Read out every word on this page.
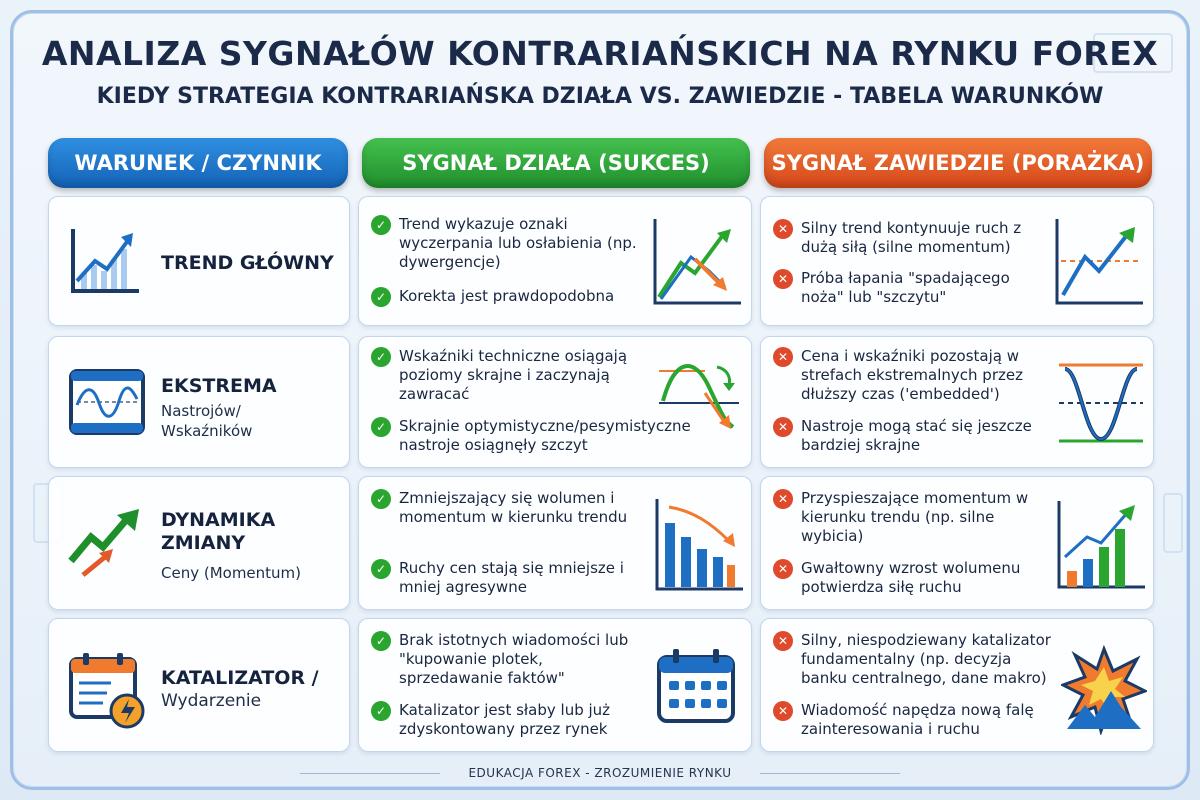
ANALIZA SYGNAŁÓW KONTRARIAŃSKICH NA RYNKU FOREX
KIEDY STRATEGIA KONTRARIAŃSKA DZIAŁA VS. ZAWIEDZIE - TABELA WARUNKÓW
WARUNEK / CZYNNIK	SYGNAŁ DZIAŁA (SUKCES)	SYGNAŁ ZAWIEDZIE (PORAŻKA)
TREND GŁÓWNY
✓ Trend wykazuje oznaki wyczerpania lub osłabienia (np. dywergencje)
✓ Korekta jest prawdopodobna
✕ Silny trend kontynuuje ruch z dużą siłą (silne momentum)
✕ Próba łapania "spadającego noża" lub "szczytu"
EKSTREMA
Nastrojów/ Wskaźników
✓ Wskaźniki techniczne osiągają poziomy skrajne i zaczynają zawracać
✓ Skrajnie optymistyczne/pesymistyczne nastroje osiągnęły szczyt
✕ Cena i wskaźniki pozostają w strefach ekstremalnych przez dłuższy czas ('embedded')
✕ Nastroje mogą stać się jeszcze bardziej skrajne
DYNAMIKA ZMIANY
Ceny (Momentum)
✓ Zmniejszający się wolumen i momentum w kierunku trendu
✓ Ruchy cen stają się mniejsze i mniej agresywne
✕ Przyspieszające momentum w kierunku trendu (np. silne wybicia)
✕ Gwałtowny wzrost wolumenu potwierdza siłę ruchu
KATALIZATOR /
Wydarzenie
✓ Brak istotnych wiadomości lub "kupowanie plotek, sprzedawanie faktów"
✓ Katalizator jest słaby lub już zdyskontowany przez rynek
✕ Silny, niespodziewany katalizator fundamentalny (np. decyzja banku centralnego, dane makro)
✕ Wiadomość napędza nową falę zainteresowania i ruchu
EDUKACJA FOREX - ZROZUMIENIE RYNKU
